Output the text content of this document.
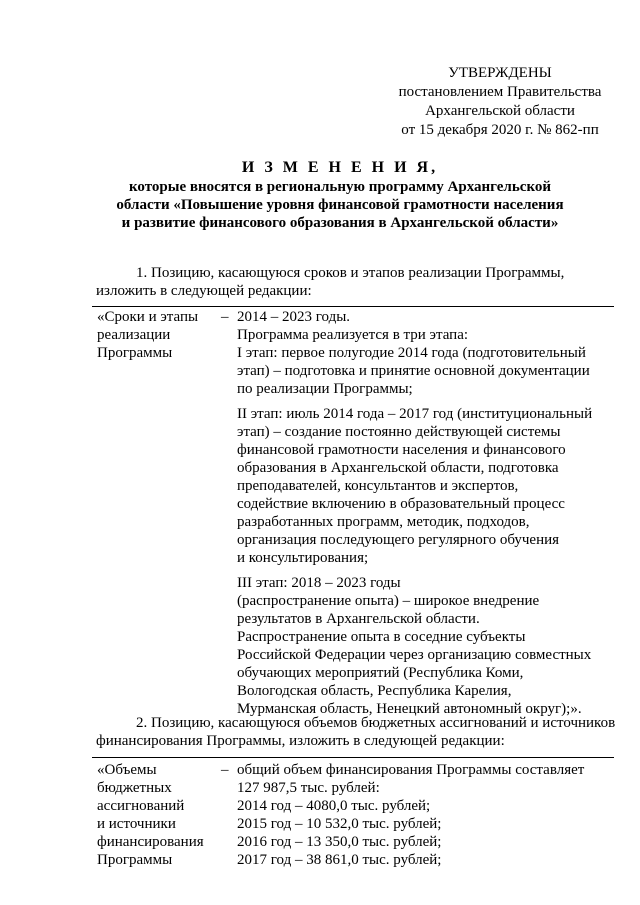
УТВЕРЖДЕНЫ
постановлением Правительства
Архангельской области
от 15 декабря 2020 г. № 862-пп
И З М Е Н Е Н И Я,
которые вносятся в региональную программу Архангельской
области «Повышение уровня финансовой грамотности населения
и развитие финансового образования в Архангельской области»
1. Позицию, касающуюся сроков и этапов реализации Программы,
изложить в следующей редакции:
«Сроки и этапы
реализации
Программы
– 2014 – 2023 годы.
Программа реализуется в три этапа:
I этап: первое полугодие 2014 года (подготовительный
этап) – подготовка и принятие основной документации
по реализации Программы;
II этап: июль 2014 года – 2017 год (институциональный
этап) – создание постоянно действующей системы
финансовой грамотности населения и финансового
образования в Архангельской области, подготовка
преподавателей, консультантов и экспертов,
содействие включению в образовательный процесс
разработанных программ, методик, подходов,
организация последующего регулярного обучения
и консультирования;
III этап: 2018 – 2023 годы
(распространение опыта) – широкое внедрение
результатов в Архангельской области.
Распространение опыта в соседние субъекты
Российской Федерации через организацию совместных
обучающих мероприятий (Республика Коми,
Вологодская область, Республика Карелия,
Мурманская область, Ненецкий автономный округ);».
2. Позицию, касающуюся объемов бюджетных ассигнований и источников
финансирования Программы, изложить в следующей редакции:
«Объемы
бюджетных
ассигнований
и источники
финансирования
Программы
– общий объем финансирования Программы составляет
127 987,5 тыс. рублей:
2014 год – 4080,0 тыс. рублей;
2015 год – 10 532,0 тыс. рублей;
2016 год – 13 350,0 тыс. рублей;
2017 год – 38 861,0 тыс. рублей;
